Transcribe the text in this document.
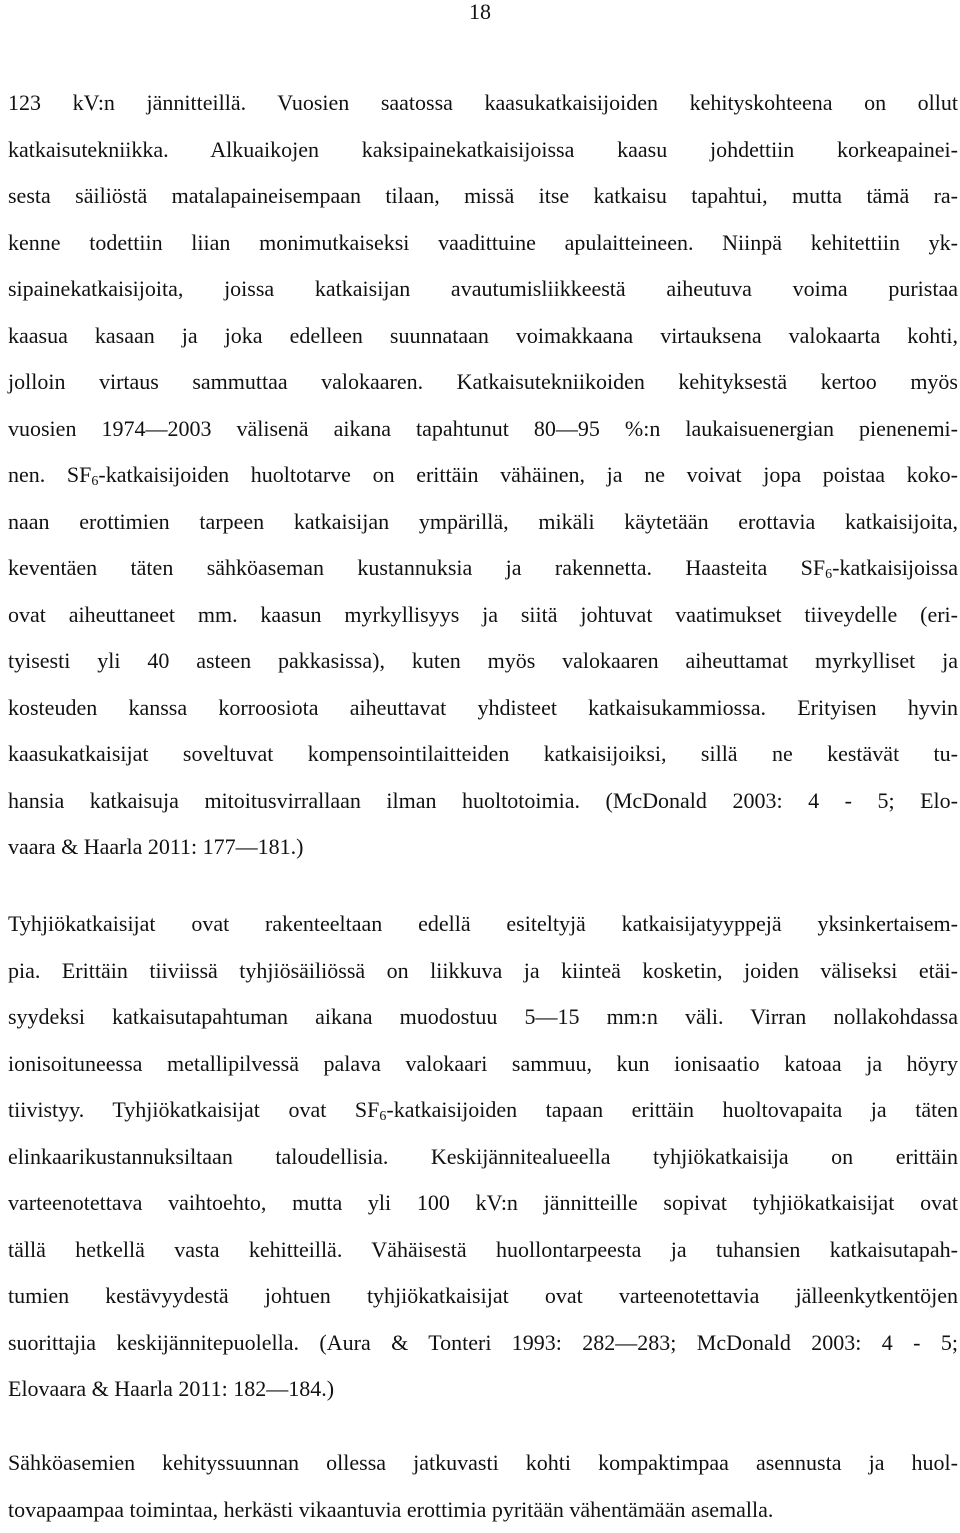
18
123 kV:n jännitteillä. Vuosien saatossa kaasukatkaisijoiden kehityskohteena on ollut
katkaisutekniikka. Alkuaikojen kaksipainekatkaisijoissa kaasu johdettiin korkeapainei-
sesta säiliöstä matalapaineisempaan tilaan, missä itse katkaisu tapahtui, mutta tämä ra-
kenne todettiin liian monimutkaiseksi vaadittuine apulaitteineen. Niinpä kehitettiin yk-
sipainekatkaisijoita, joissa katkaisijan avautumisliikkeestä aiheutuva voima puristaa
kaasua kasaan ja joka edelleen suunnataan voimakkaana virtauksena valokaarta kohti,
jolloin virtaus sammuttaa valokaaren. Katkaisutekniikoiden kehityksestä kertoo myös
vuosien 1974—2003 välisenä aikana tapahtunut 80—95 %:n laukaisuenergian pienenemi-
nen. $SF_6$-katkaisijoiden huoltotarve on erittäin vähäinen, ja ne voivat jopa poistaa koko-
naan erottimien tarpeen katkaisijan ympärillä, mikäli käytetään erottavia katkaisijoita,
keventäen täten sähköaseman kustannuksia ja rakennetta. Haasteita $SF_6$-katkaisijoissa
ovat aiheuttaneet mm. kaasun myrkyllisyys ja siitä johtuvat vaatimukset tiiveydelle (eri-
tyisesti yli 40 asteen pakkasissa), kuten myös valokaaren aiheuttamat myrkylliset ja
kosteuden kanssa korroosiota aiheuttavat yhdisteet katkaisukammiossa. Erityisen hyvin
kaasukatkaisijat soveltuvat kompensointilaitteiden katkaisijoiksi, sillä ne kestävät tu-
hansia katkaisuja mitoitusvirrallaan ilman huoltotoimia. (McDonald 2003: 4 - 5; Elo-
vaara & Haarla 2011: 177—181.)
Tyhjiökatkaisijat ovat rakenteeltaan edellä esiteltyjä katkaisijatyyppejä yksinkertaisem-
pia. Erittäin tiiviissä tyhjiösäiliössä on liikkuva ja kiinteä kosketin, joiden väliseksi etäi-
syydeksi katkaisutapahtuman aikana muodostuu 5—15 mm:n väli. Virran nollakohdassa
ionisoituneessa metallipilvessä palava valokaari sammuu, kun ionisaatio katoaa ja höyry
tiivistyy. Tyhjiökatkaisijat ovat $SF_6$-katkaisijoiden tapaan erittäin huoltovapaita ja täten
elinkaarikustannuksiltaan taloudellisia. Keskijännitealueella tyhjiökatkaisija on erittäin
varteenotettava vaihtoehto, mutta yli 100 kV:n jännitteille sopivat tyhjiökatkaisijat ovat
tällä hetkellä vasta kehitteillä. Vähäisestä huollontarpeesta ja tuhansien katkaisutapah-
tumien kestävyydestä johtuen tyhjiökatkaisijat ovat varteenotettavia jälleenkytkentöjen
suorittajia keskijännitepuolella. (Aura & Tonteri 1993: 282—283; McDonald 2003: 4 - 5;
Elovaara & Haarla 2011: 182—184.)
Sähköasemien kehityssuunnan ollessa jatkuvasti kohti kompaktimpaa asennusta ja huol-
tovapaampaa toimintaa, herkästi vikaantuvia erottimia pyritään vähentämään asemalla.
